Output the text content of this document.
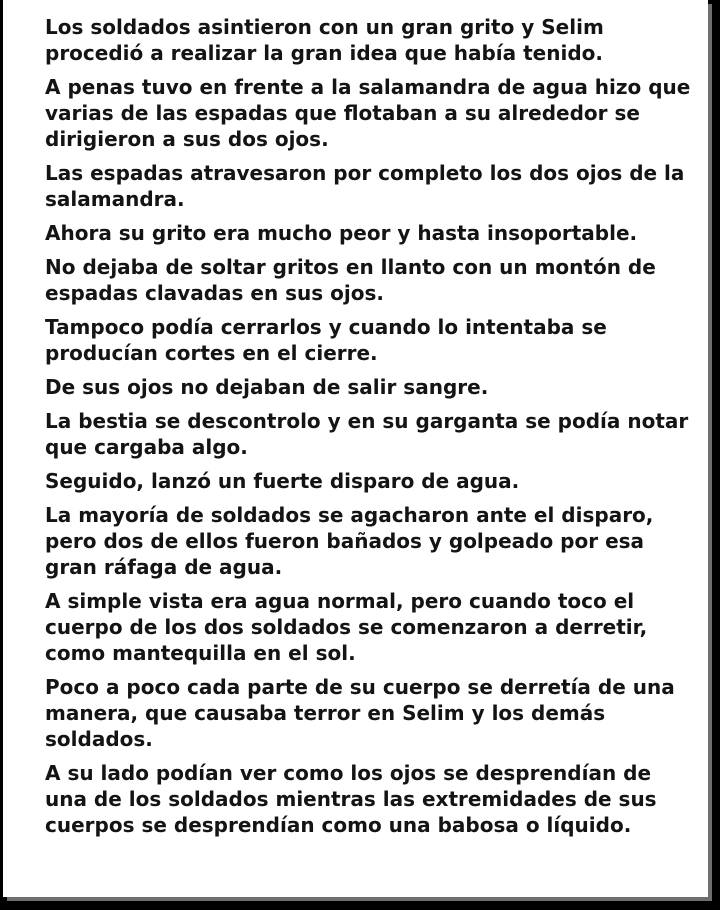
Los soldados asintieron con un gran grito y Selim procedió a realizar la gran idea que había tenido.

A penas tuvo en frente a la salamandra de agua hizo que varias de las espadas que flotaban a su alrededor se dirigieron a sus dos ojos.

Las espadas atravesaron por completo los dos ojos de la salamandra.

Ahora su grito era mucho peor y hasta insoportable.

No dejaba de soltar gritos en llanto con un montón de espadas clavadas en sus ojos.

Tampoco podía cerrarlos y cuando lo intentaba se producían cortes en el cierre.

De sus ojos no dejaban de salir sangre.

La bestia se descontrolo y en su garganta se podía notar que cargaba algo.

Seguido, lanzó un fuerte disparo de agua.

La mayoría de soldados se agacharon ante el disparo, pero dos de ellos fueron bañados y golpeado por esa gran ráfaga de agua.

A simple vista era agua normal, pero cuando toco el cuerpo de los dos soldados se comenzaron a derretir, como mantequilla en el sol.

Poco a poco cada parte de su cuerpo se derretía de una manera, que causaba terror en Selim y los demás soldados.

A su lado podían ver como los ojos se desprendían de una de los soldados mientras las extremidades de sus cuerpos se desprendían como una babosa o líquido.
